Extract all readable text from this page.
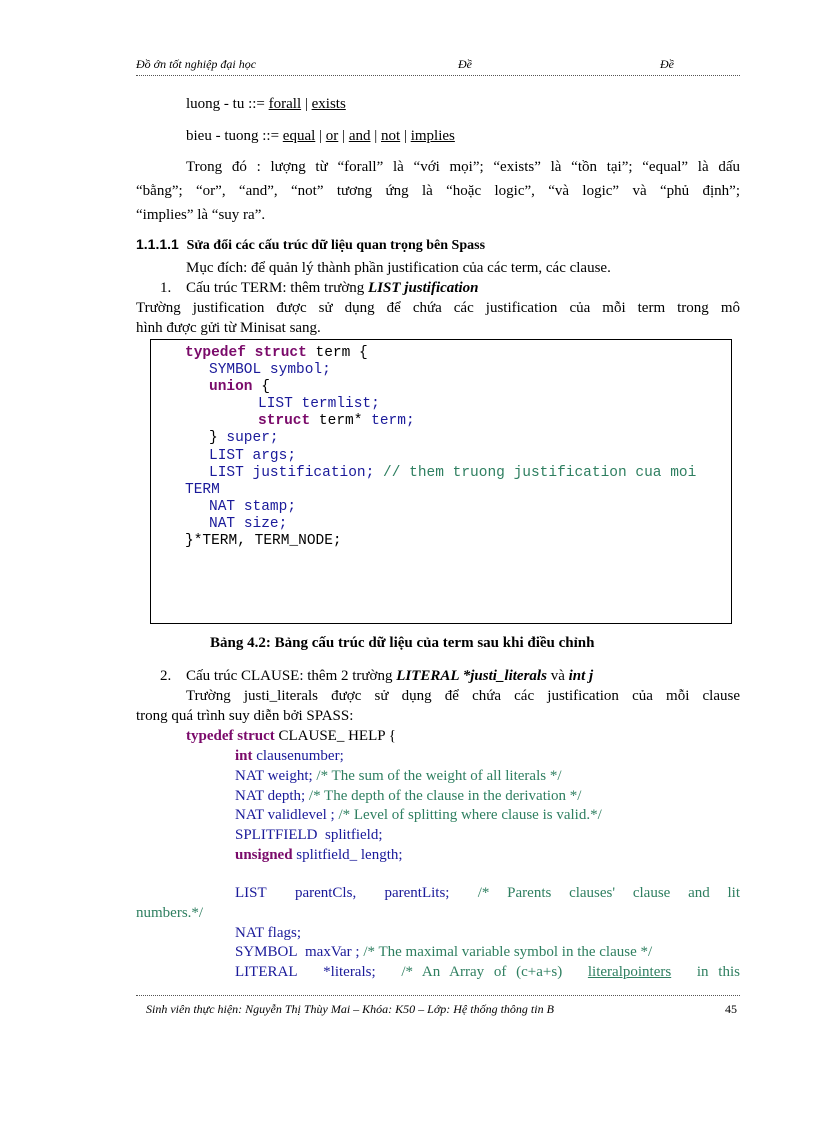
Đồ ớn tốt nghiệp đại học	Đề	Đề
luong - tu ::= forall | exists
bieu - tuong ::= equal | or | and | not | implies
Trong đó : lượng từ “forall” là “với mọi”; “exists” là “tồn tại”; “equal” là dấu
“bằng”; “or”, “and”, “not” tương ứng là “hoặc logic”, “và logic” và “phủ định”;
“implies” là “suy ra”.
1.1.1.1 Sửa đổi các cấu trúc dữ liệu quan trọng bên Spass
Mục đích: để quản lý thành phần justification của các term, các clause.
1. Cấu trúc TERM: thêm trường LIST justification
Trường justification được sử dụng để chứa các justification của mỗi term trong mô
hình được gửi từ Minisat sang.
typedef struct term {
SYMBOL symbol;
union {
LIST termlist;
struct term* term;
} super;
LIST args;
LIST justification; // them truong justification cua moi
TERM
NAT stamp;
NAT size;
}*TERM, TERM_NODE;
Bảng 4.2: Bảng cấu trúc dữ liệu của term sau khi điều chỉnh
2. Cấu trúc CLAUSE: thêm 2 trường LITERAL *justi_literals và int j
Trường justi_literals được sử dụng để chứa các justification của mỗi clause
trong quá trình suy diễn bởi SPASS:
typedef struct CLAUSE_ HELP {
int clausenumber;
NAT weight; /* The sum of the weight of all literals */
NAT depth; /* The depth of the clause in the derivation */
NAT validlevel ; /* Level of splitting where clause is valid.*/
SPLITFIELD splitfield;
unsigned splitfield_ length;
LIST parentCls, parentLits; /* Parents clauses' clause and lit
numbers.*/
NAT flags;
SYMBOL maxVar ; /* The maximal variable symbol in the clause */
LITERAL *literals; /* An Array of (c+a+s) literalpointers in this
Sinh viên thực hiện: Nguyễn Thị Thùy Mai – Khóa: K50 – Lớp: Hệ thống thông tin B	45
